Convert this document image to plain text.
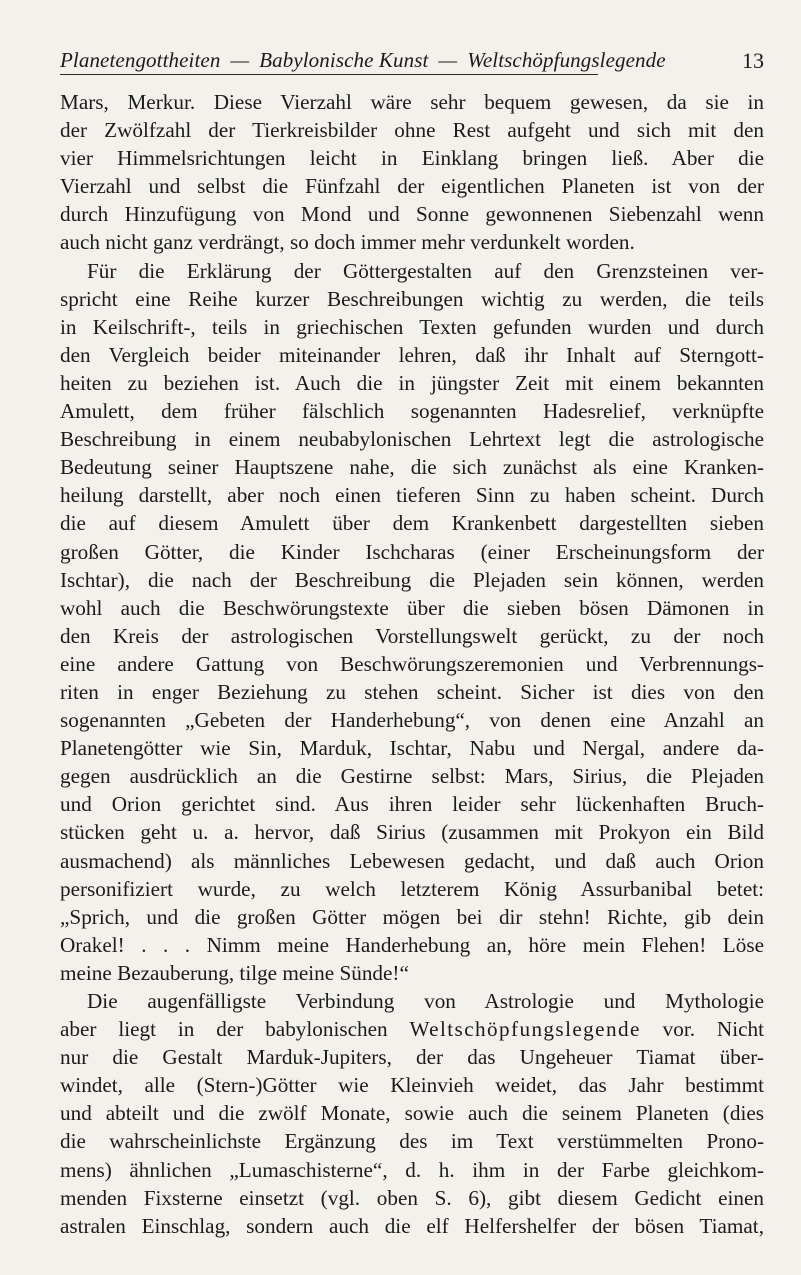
Planetengottheiten — Babylonische Kunst — Weltschöpfungslegende	13
Mars, Merkur. Diese Vierzahl wäre sehr bequem gewesen, da sie in
der Zwölfzahl der Tierkreisbilder ohne Rest aufgeht und sich mit den
vier Himmelsrichtungen leicht in Einklang bringen ließ. Aber die
Vierzahl und selbst die Fünfzahl der eigentlichen Planeten ist von der
durch Hinzufügung von Mond und Sonne gewonnenen Siebenzahl wenn
auch nicht ganz verdrängt, so doch immer mehr verdunkelt worden.
Für die Erklärung der Göttergestalten auf den Grenzsteinen ver-
spricht eine Reihe kurzer Beschreibungen wichtig zu werden, die teils
in Keilschrift-, teils in griechischen Texten gefunden wurden und durch
den Vergleich beider miteinander lehren, daß ihr Inhalt auf Sterngott-
heiten zu beziehen ist. Auch die in jüngster Zeit mit einem bekannten
Amulett, dem früher fälschlich sogenannten Hadesrelief, verknüpfte
Beschreibung in einem neubabylonischen Lehrtext legt die astrologische
Bedeutung seiner Hauptszene nahe, die sich zunächst als eine Kranken-
heilung darstellt, aber noch einen tieferen Sinn zu haben scheint. Durch
die auf diesem Amulett über dem Krankenbett dargestellten sieben
großen Götter, die Kinder Ischcharas (einer Erscheinungsform der
Ischtar), die nach der Beschreibung die Plejaden sein können, werden
wohl auch die Beschwörungstexte über die sieben bösen Dämonen in
den Kreis der astrologischen Vorstellungswelt gerückt, zu der noch
eine andere Gattung von Beschwörungszeremonien und Verbrennungs-
riten in enger Beziehung zu stehen scheint. Sicher ist dies von den
sogenannten „Gebeten der Handerhebung“, von denen eine Anzahl an
Planetengötter wie Sin, Marduk, Ischtar, Nabu und Nergal, andere da-
gegen ausdrücklich an die Gestirne selbst: Mars, Sirius, die Plejaden
und Orion gerichtet sind. Aus ihren leider sehr lückenhaften Bruch-
stücken geht u. a. hervor, daß Sirius (zusammen mit Prokyon ein Bild
ausmachend) als männliches Lebewesen gedacht, und daß auch Orion
personifiziert wurde, zu welch letzterem König Assurbanibal betet:
„Sprich, und die großen Götter mögen bei dir stehn! Richte, gib dein
Orakel! . . . Nimm meine Handerhebung an, höre mein Flehen! Löse
meine Bezauberung, tilge meine Sünde!“
Die augenfälligste Verbindung von Astrologie und Mythologie
aber liegt in der babylonischen Weltschöpfungslegende vor. Nicht
nur die Gestalt Marduk-Jupiters, der das Ungeheuer Tiamat über-
windet, alle (Stern-)Götter wie Kleinvieh weidet, das Jahr bestimmt
und abteilt und die zwölf Monate, sowie auch die seinem Planeten (dies
die wahrscheinlichste Ergänzung des im Text verstümmelten Prono-
mens) ähnlichen „Lumaschisterne“, d. h. ihm in der Farbe gleichkom-
menden Fixsterne einsetzt (vgl. oben S. 6), gibt diesem Gedicht einen
astralen Einschlag, sondern auch die elf Helfershelfer der bösen Tiamat,
